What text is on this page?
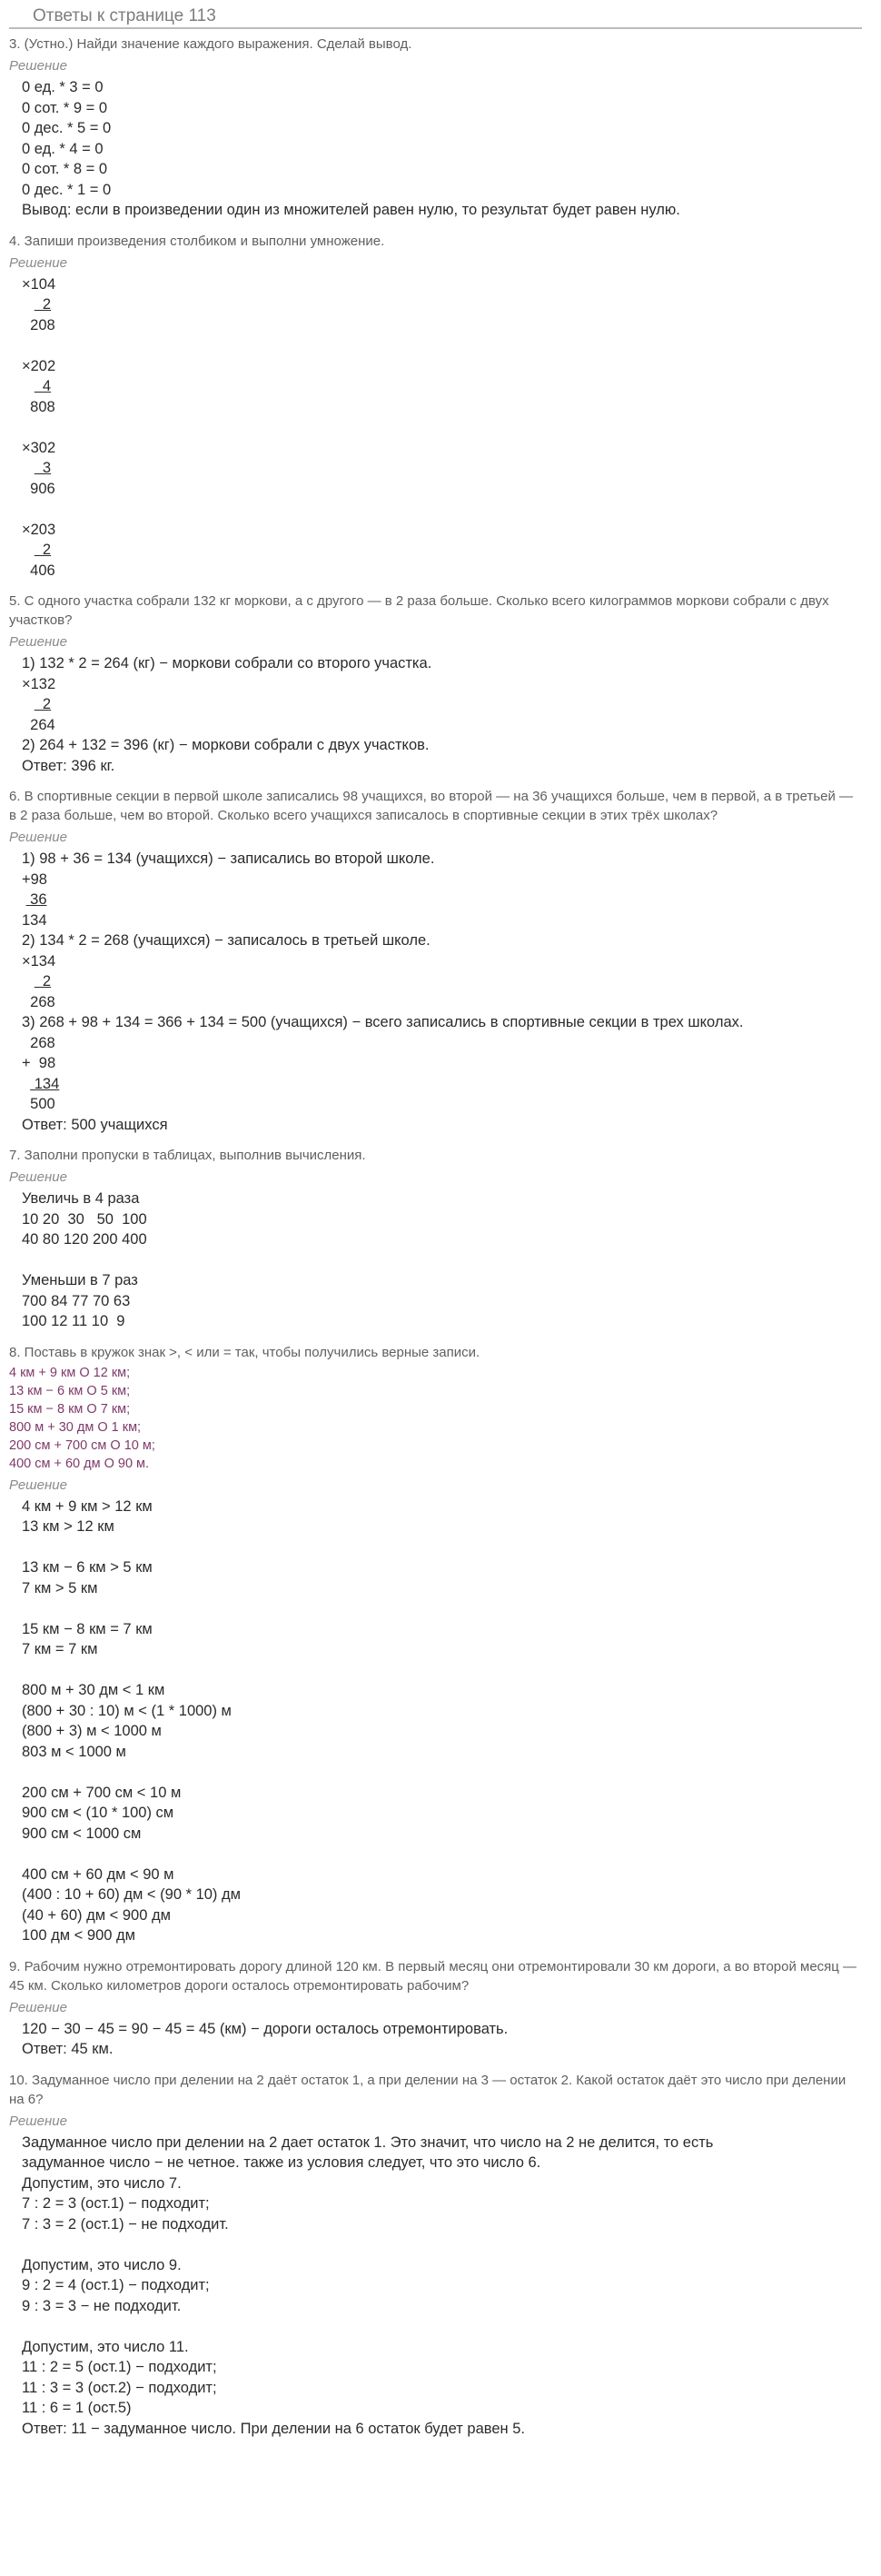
Ответы к странице 113
3. (Устно.) Найди значение каждого выражения. Сделай вывод.
Решение
0 ед. * 3 = 0
0 сот. * 9 = 0
0 дес. * 5 = 0
0 ед. * 4 = 0
0 сот. * 8 = 0
0 дес. * 1 = 0
Вывод: если в произведении один из множителей равен нулю, то результат будет равен нулю.
4. Запиши произведения столбиком и выполни умножение.
Решение
×104
2
208
×202
4
808
×302
3
906
×203
2
406
5. С одного участка собрали 132 кг моркови, а с другого — в 2 раза больше. Сколько всего килограммов моркови собрали с двух участков?
Решение
1) 132 * 2 = 264 (кг) − моркови собрали со второго участка.
×132
2
264
2) 264 + 132 = 396 (кг) − моркови собрали с двух участков.
Ответ: 396 кг.
6. В спортивные секции в первой школе записались 98 учащихся, во второй — на 36 учащихся больше, чем в первой, а в третьей — в 2 раза больше, чем во второй. Сколько всего учащихся записалось в спортивные секции в этих трёх школах?
Решение
1) 98 + 36 = 134 (учащихся) − записались во второй школе.
+98
36
134
2) 134 * 2 = 268 (учащихся) − записалось в третьей школе.
×134
2
268
3) 268 + 98 + 134 = 366 + 134 = 500 (учащихся) − всего записались в спортивные секции в трех школах.
268
+  98
134
500
Ответ: 500 учащихся
7. Заполни пропуски в таблицах, выполнив вычисления.
Решение
Увеличь в 4 раза
10 20  30   50  100
40 80 120 200 400
Уменьши в 7 раз
700 84 77 70 63
100 12 11 10  9
8. Поставь в кружок знак >, < или = так, чтобы получились верные записи.
4 км + 9 км O 12 км;
13 км − 6 км O 5 км;
15 км − 8 км O 7 км;
800 м + 30 дм O 1 км;
200 см + 700 см O 10 м;
400 см + 60 дм O 90 м.
Решение
4 км + 9 км > 12 км
13 км > 12 км
13 км − 6 км > 5 км
7 км > 5 км
15 км − 8 км = 7 км
7 км = 7 км
800 м + 30 дм < 1 км
(800 + 30 : 10) м < (1 * 1000) м
(800 + 3) м < 1000 м
803 м < 1000 м
200 см + 700 см < 10 м
900 см < (10 * 100) см
900 см < 1000 см
400 см + 60 дм < 90 м
(400 : 10 + 60) дм < (90 * 10) дм
(40 + 60) дм < 900 дм
100 дм < 900 дм
9. Рабочим нужно отремонтировать дорогу длиной 120 км. В первый месяц они отремонтировали 30 км дороги, а во второй месяц — 45 км. Сколько километров дороги осталось отремонтировать рабочим?
Решение
120 − 30 − 45 = 90 − 45 = 45 (км) − дороги осталось отремонтировать.
Ответ: 45 км.
10. Задуманное число при делении на 2 даёт остаток 1, а при делении на 3 — остаток 2. Какой остаток даёт это число при делении на 6?
Решение
Задуманное число при делении на 2 дает остаток 1. Это значит, что число на 2 не делится, то есть
задуманное число − не четное. также из условия следует, что это число 6.
Допустим, это число 7.
7 : 2 = 3 (ост.1) − подходит;
7 : 3 = 2 (ост.1) − не подходит.
Допустим, это число 9.
9 : 2 = 4 (ост.1) − подходит;
9 : 3 = 3 − не подходит.
Допустим, это число 11.
11 : 2 = 5 (ост.1) − подходит;
11 : 3 = 3 (ост.2) − подходит;
11 : 6 = 1 (ост.5)
Ответ: 11 − задуманное число. При делении на 6 остаток будет равен 5.
